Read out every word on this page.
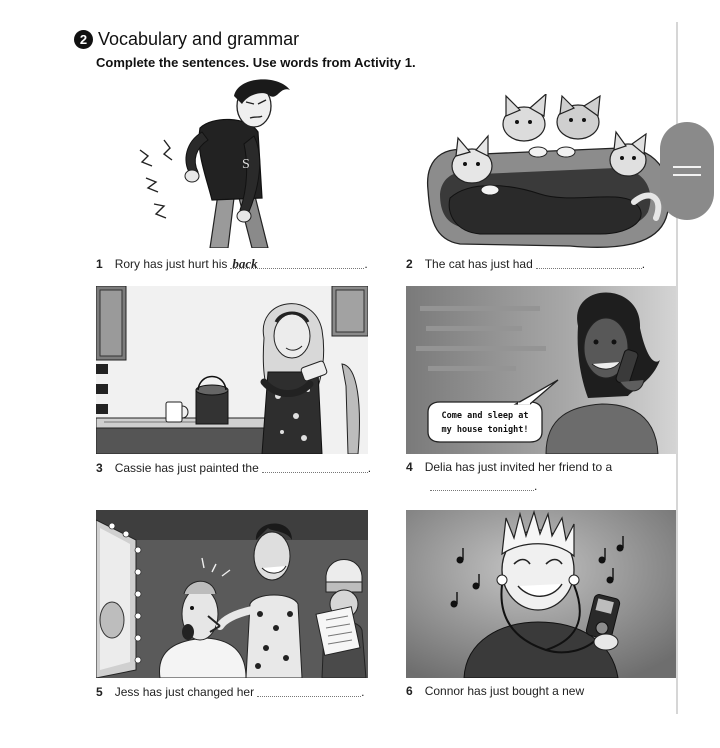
2 Vocabulary and grammar
Complete the sentences. Use words from Activity 1.
S
1 Rory has just hurt his back	.	2 The cat has just had	.
Come and sleep at
my house tonight!
3 Cassie has just painted the	.	4 Delia has just invited her friend to a
.
5 Jess has just changed her	.	6 Connor has just bought a new
